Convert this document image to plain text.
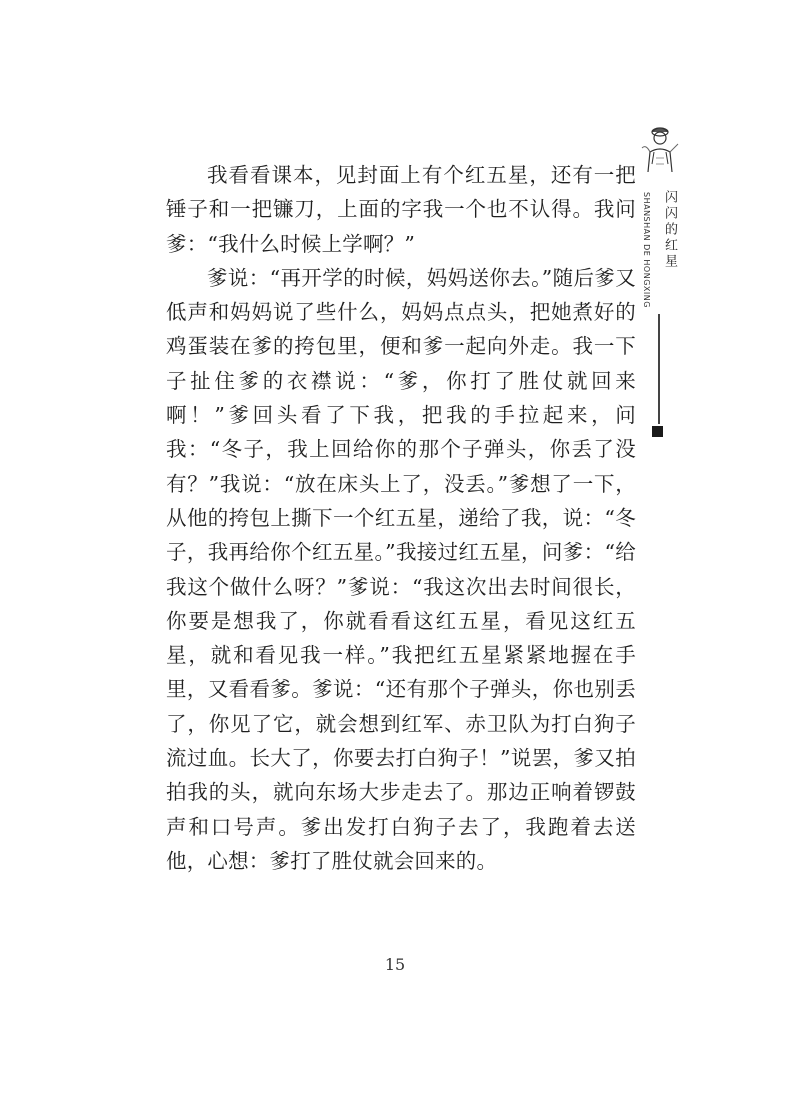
SHANSHAN DE HONGXING 闪闪的红星

我看看课本，见封面上有个红五星，还有一把锤子和一把镰刀，上面的字我一个也不认得。我问爹：“我什么时候上学啊？”

爹说：“再开学的时候，妈妈送你去。”随后爹又低声和妈妈说了些什么，妈妈点点头，把她煮好的鸡蛋装在爹的挎包里，便和爹一起向外走。我一下子扯住爹的衣襟说：“爹，你打了胜仗就回来啊！”爹回头看了下我，把我的手拉起来，问我：“冬子，我上回给你的那个子弹头，你丢了没有？”我说：“放在床头上了，没丢。”爹想了一下，从他的挎包上撕下一个红五星，递给了我，说：“冬子，我再给你个红五星。”我接过红五星，问爹：“给我这个做什么呀？”爹说：“我这次出去时间很长，你要是想我了，你就看看这红五星，看见这红五星，就和看见我一样。”我把红五星紧紧地握在手里，又看看爹。爹说：“还有那个子弹头，你也别丢了，你见了它，就会想到红军、赤卫队为打白狗子流过血。长大了，你要去打白狗子！”说罢，爹又拍拍我的头，就向东场大步走去了。那边正响着锣鼓声和口号声。爹出发打白狗子去了，我跑着去送他，心想：爹打了胜仗就会回来的。

15
